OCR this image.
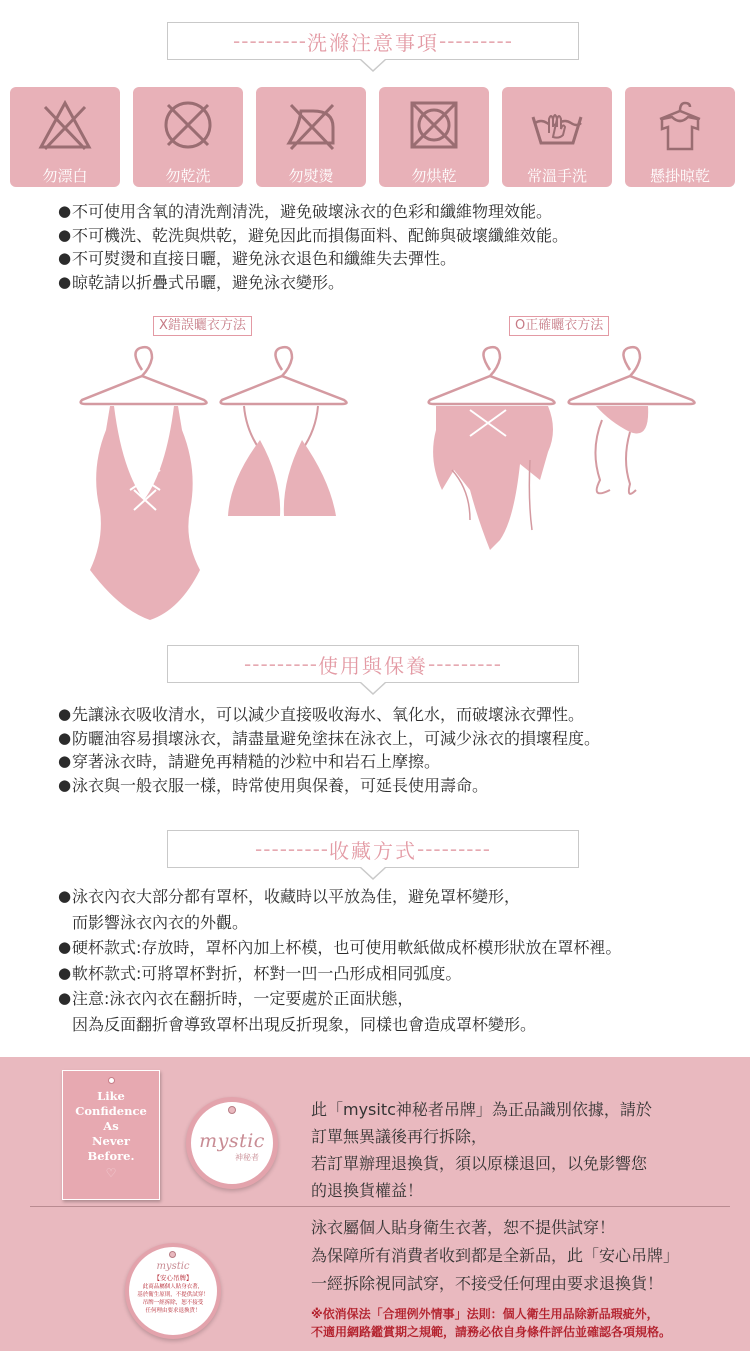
--------- 洗滌注意事項 ---------
勿漂白	勿乾洗	勿熨燙	勿烘乾	常溫手洗	懸掛晾乾
● 不可使用含氧的清洗劑清洗，避免破壞泳衣的色彩和纖維物理效能。
● 不可機洗、乾洗與烘乾，避免因此而損傷面料、配飾與破壞纖維效能。
● 不可熨燙和直接日曬，避免泳衣退色和纖維失去彈性。
● 晾乾請以折疊式吊曬，避免泳衣變形。
X錯誤曬衣方法	O正確曬衣方法
--------- 使用與保養 ---------
● 先讓泳衣吸收清水，可以減少直接吸收海水、氧化水，而破壞泳衣彈性。
● 防曬油容易損壞泳衣，請盡量避免塗抹在泳衣上，可減少泳衣的損壞程度。
● 穿著泳衣時，請避免再精糙的沙粒中和岩石上摩擦。
● 泳衣與一般衣服一樣，時常使用與保養，可延長使用壽命。
--------- 收藏方式 ---------
● 泳衣內衣大部分都有罩杯，收藏時以平放為佳，避免罩杯變形，
而影響泳衣內衣的外觀。
● 硬杯款式:存放時，罩杯內加上杯模，也可使用軟紙做成杯模形狀放在罩杯裡。
● 軟杯款式:可將罩杯對折，杯對一凹一凸形成相同弧度。
● 注意:泳衣內衣在翻折時，一定要處於正面狀態，
因為反面翻折會導致罩杯出現反折現象，同樣也會造成罩杯變形。
Like
Confidence
As
Never
Before.
♡
mystic
神秘者
此「mysitc神秘者吊牌」為正品識別依據，請於
訂單無異議後再行拆除，
若訂單辦理退換貨，須以原樣退回，以免影響您
的退換貨權益！
mystic
【安心吊牌】
此商品屬個人貼身衣著，
基於衛生原則，不提供試穿！
吊牌一經拆除，恕不接受
任何理由要求退換貨！
泳衣屬個人貼身衛生衣著，恕不提供試穿！
為保障所有消費者收到都是全新品，此「安心吊牌」
一經拆除視同試穿，不接受任何理由要求退換貨！
※依消保法「合理例外情事」法則：個人衛生用品除新品瑕疵外，
不適用網路鑑賞期之規範，請務必依自身條件評估並確認各項規格。
